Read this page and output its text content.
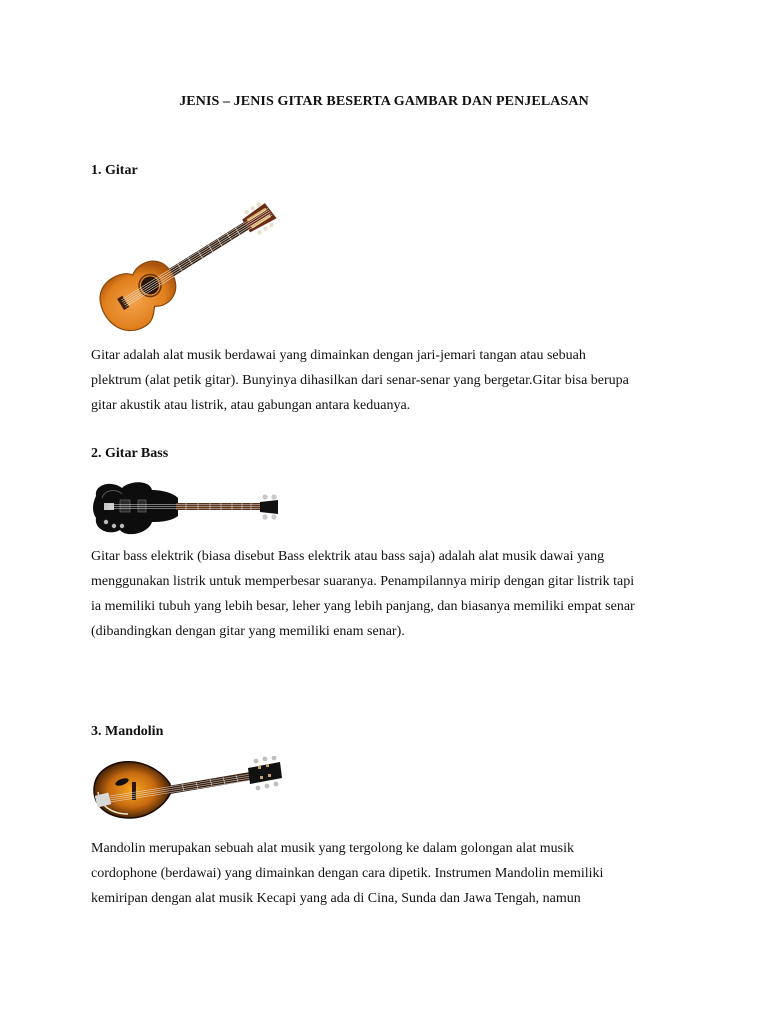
JENIS – JENIS GITAR BESERTA GAMBAR DAN PENJELASAN
1. Gitar
Gitar adalah alat musik berdawai yang dimainkan dengan jari-jemari tangan atau sebuah
plektrum (alat petik gitar). Bunyinya dihasilkan dari senar-senar yang bergetar.Gitar bisa berupa
gitar akustik atau listrik, atau gabungan antara keduanya.
2. Gitar Bass
Gitar bass elektrik (biasa disebut Bass elektrik atau bass saja) adalah alat musik dawai yang
menggunakan listrik untuk memperbesar suaranya. Penampilannya mirip dengan gitar listrik tapi
ia memiliki tubuh yang lebih besar, leher yang lebih panjang, dan biasanya memiliki empat senar
(dibandingkan dengan gitar yang memiliki enam senar).
3. Mandolin
Mandolin merupakan sebuah alat musik yang tergolong ke dalam golongan alat musik
cordophone (berdawai) yang dimainkan dengan cara dipetik. Instrumen Mandolin memiliki
kemiripan dengan alat musik Kecapi yang ada di Cina, Sunda dan Jawa Tengah, namun
